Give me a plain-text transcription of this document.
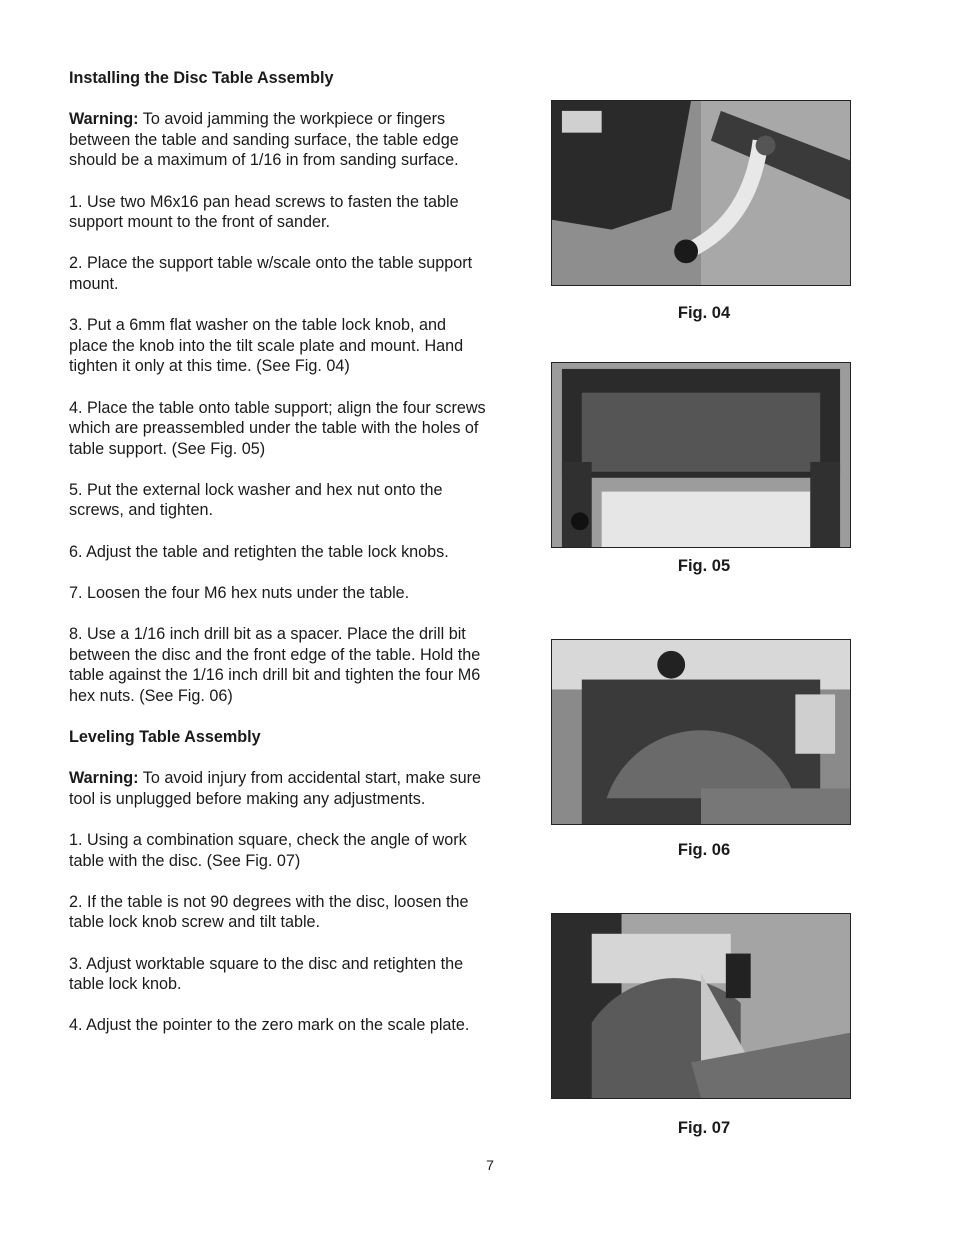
Installing the Disc Table Assembly

Warning: To avoid jamming the workpiece or fingers between the table and sanding surface, the table edge should be a maximum of 1/16 in from sanding surface.

1. Use two M6x16 pan head screws to fasten the table support mount to the front of sander.

2. Place the support table w/scale onto the table support mount.

3. Put a 6mm flat washer on the table lock knob, and place the knob into the tilt scale plate and mount. Hand tighten it only at this time. (See Fig. 04)

4. Place the table onto table support; align the four screws which are preassembled under the table with the holes of table support. (See Fig. 05)

5. Put the external lock washer and hex nut onto the screws, and tighten.

6. Adjust the table and retighten the table lock knobs.

7. Loosen the four M6 hex nuts under the table.

8. Use a 1/16 inch drill bit as a spacer. Place the drill bit between the disc and the front edge of the table. Hold the table against the 1/16 inch drill bit and tighten the four M6 hex nuts. (See Fig. 06)

Leveling Table Assembly

Warning: To avoid injury from accidental start, make sure tool is unplugged before making any adjustments.

1. Using a combination square, check the angle of work table with the disc. (See Fig. 07)

2. If the table is not 90 degrees with the disc, loosen the table lock knob screw and tilt table.

3. Adjust worktable square to the disc and retighten the table lock knob.

4. Adjust the pointer to the zero mark on the scale plate.

Fig. 04
Fig. 05
Fig. 06
Fig. 07
7
